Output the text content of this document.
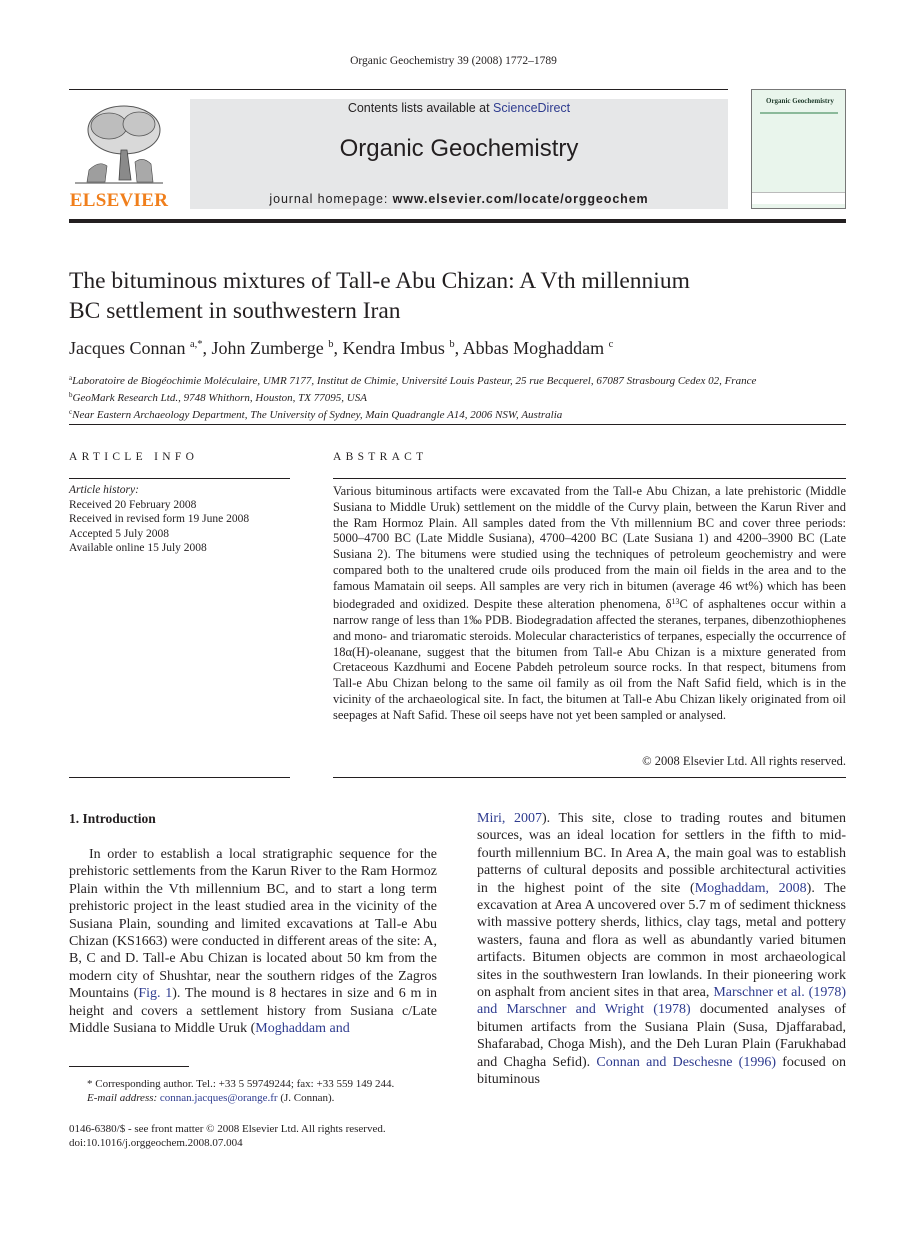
Organic Geochemistry 39 (2008) 1772–1789
ELSEVIER
Contents lists available at ScienceDirect
Organic Geochemistry
journal homepage: www.elsevier.com/locate/orggeochem
Organic Geochemistry
The bituminous mixtures of Tall-e Abu Chizan: A Vth millennium
BC settlement in southwestern Iran
Jacques Connan $^{a,*}$, John Zumberge $^b$, Kendra Imbus $^b$, Abbas Moghaddam $^c$
$^a$Laboratoire de Biogéochimie Moléculaire, UMR 7177, Institut de Chimie, Université Louis Pasteur, 25 rue Becquerel, 67087 Strasbourg Cedex 02, France
$^b$GeoMark Research Ltd., 9748 Whithorn, Houston, TX 77095, USA
$^c$Near Eastern Archaeology Department, The University of Sydney, Main Quadrangle A14, 2006 NSW, Australia
ARTICLE INFO
Article history:
Received 20 February 2008
Received in revised form 19 June 2008
Accepted 5 July 2008
Available online 15 July 2008
ABSTRACT
Various bituminous artifacts were excavated from the Tall-e Abu Chizan, a late prehistoric (Middle Susiana to Middle Uruk) settlement on the middle of the Curvy plain, between the Karun River and the Ram Hormoz Plain. All samples dated from the Vth millennium BC and cover three periods: 5000–4700 BC (Late Middle Susiana), 4700–4200 BC (Late Susiana 1) and 4200–3900 BC (Late Susiana 2). The bitumens were studied using the techniques of petroleum geochemistry and were compared both to the unaltered crude oils produced from the main oil fields in the area and to the famous Mamatain oil seeps. All samples are very rich in bitumen (average 46 wt%) which has been biodegraded and oxidized. Despite these alteration phenomena, $\delta^{13}C$ of asphaltenes occur within a narrow range of less than 1‰ PDB. Biodegradation affected the steranes, terpanes, dibenzothiophenes and mono- and triaromatic steroids. Molecular characteristics of terpanes, especially the occurrence of 18α(H)-oleanane, suggest that the bitumen from Tall-e Abu Chizan is a mixture generated from Cretaceous Kazdhumi and Eocene Pabdeh petroleum source rocks. In that respect, bitumens from Tall-e Abu Chizan belong to the same oil family as oil from the Naft Safid field, which is in the vicinity of the archaeological site. In fact, the bitumen at Tall-e Abu Chizan likely originated from oil seepages at Naft Safid. These oil seeps have not yet been sampled or analysed.
© 2008 Elsevier Ltd. All rights reserved.
1. Introduction
In order to establish a local stratigraphic sequence for the prehistoric settlements from the Karun River to the Ram Hormoz Plain within the Vth millennium BC, and to start a long term prehistoric project in the least studied area in the vicinity of the Susiana Plain, sounding and limited excavations at Tall-e Abu Chizan (KS1663) were conducted in different areas of the site: A, B, C and D. Tall-e Abu Chizan is located about 50 km from the modern city of Shushtar, near the southern ridges of the Zagros Mountains (Fig. 1). The mound is 8 hectares in size and 6 m in height and covers a settlement history from Susiana c/Late Middle Susiana to Middle Uruk (Moghaddam and
Miri, 2007). This site, close to trading routes and bitumen sources, was an ideal location for settlers in the fifth to mid-fourth millennium BC. In Area A, the main goal was to establish patterns of cultural deposits and possible architectural activities in the highest point of the site (Moghaddam, 2008). The excavation at Area A uncovered over 5.7 m of sediment thickness with massive pottery sherds, lithics, clay tags, metal and pottery wasters, fauna and flora as well as abundantly varied bitumen artifacts. Bitumen objects are common in most archaeological sites in the southwestern Iran lowlands. In their pioneering work on asphalt from ancient sites in that area, Marschner et al. (1978) and Marschner and Wright (1978) documented analyses of bitumen artifacts from the Susiana Plain (Susa, Djaffarabad, Shafarabad, Choga Mish), and the Deh Luran Plain (Farukhabad and Chagha Sefid). Connan and Deschesne (1996) focused on bituminous
* Corresponding author. Tel.: +33 5 59749244; fax: +33 559 149 244.
E-mail address: connan.jacques@orange.fr (J. Connan).
0146-6380/$ - see front matter © 2008 Elsevier Ltd. All rights reserved.
doi:10.1016/j.orggeochem.2008.07.004
